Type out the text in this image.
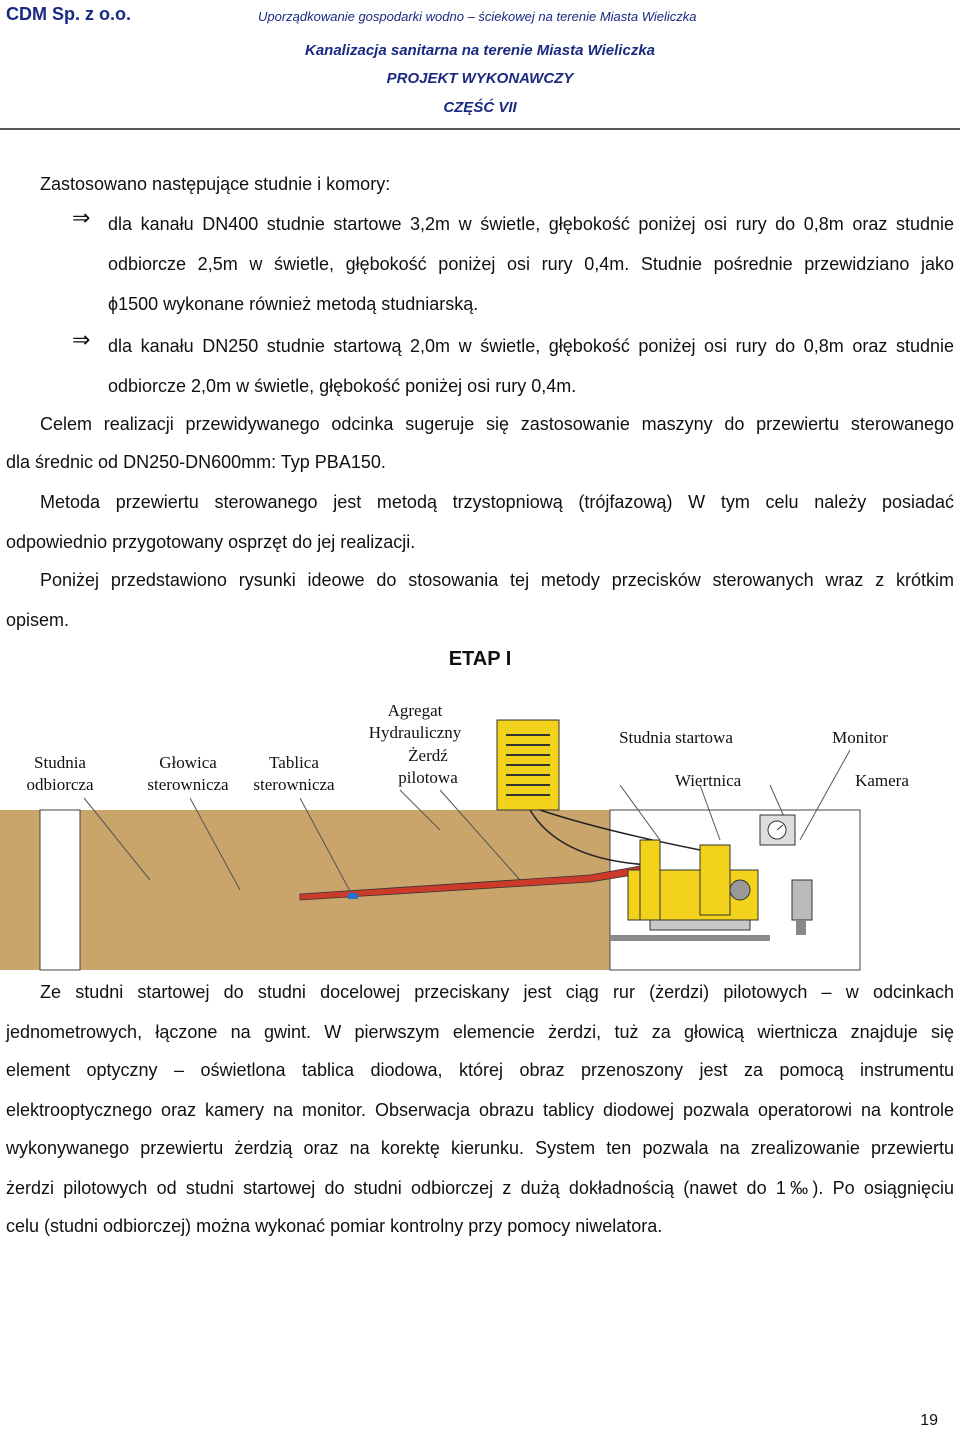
CDM Sp. z o.o.	Uporządkowanie gospodarki wodno – ściekowej na terenie Miasta Wieliczka
Kanalizacja sanitarna na terenie Miasta Wieliczka
PROJEKT WYKONAWCZY
CZĘŚĆ VII
Zastosowano następujące studnie i komory:
⇒ dla kanału DN400 studnie startowe 3,2m w świetle, głębokość poniżej osi rury do 0,8m oraz studnie
odbiorcze 2,5m w świetle, głębokość poniżej osi rury 0,4m. Studnie pośrednie przewidziano jako
ϕ1500 wykonane również metodą studniarską.
⇒ dla kanału DN250 studnie startową 2,0m w świetle, głębokość poniżej osi rury do 0,8m oraz studnie
odbiorcze 2,0m w świetle, głębokość poniżej osi rury 0,4m.
Celem realizacji przewidywanego odcinka sugeruje się zastosowanie maszyny do przewiertu sterowanego
dla średnic od DN250-DN600mm: Typ PBA150.
Metoda przewiertu sterowanego jest metodą trzystopniową (trójfazową) W tym celu należy posiadać
odpowiednio przygotowany osprzęt do jej realizacji.
Poniżej przedstawiono rysunki ideowe do stosowania tej metody przecisków sterowanych wraz z krótkim
opisem.
ETAP I
Studnia
odbiorcza
Głowica
sterownicza
Tablica
sterownicza
Agregat
Hydrauliczny
Żerdź
pilotowa
Studnia startowa
Wiertnica
Monitor
Kamera
Ze studni startowej do studni docelowej przeciskany jest ciąg rur (żerdzi) pilotowych – w odcinkach
jednometrowych, łączone na gwint. W pierwszym elemencie żerdzi, tuż za głowicą wiertnicza znajduje się
element optyczny – oświetlona tablica diodowa, której obraz przenoszony jest za pomocą instrumentu
elektrooptycznego oraz kamery na monitor. Obserwacja obrazu tablicy diodowej pozwala operatorowi na kontrole
wykonywanego przewiertu żerdzią oraz na korektę kierunku. System ten pozwala na zrealizowanie przewiertu
żerdzi pilotowych od studni startowej do studni odbiorczej z dużą dokładnością (nawet do 1‰). Po osiągnięciu
celu (studni odbiorczej) można wykonać pomiar kontrolny przy pomocy niwelatora.
19
